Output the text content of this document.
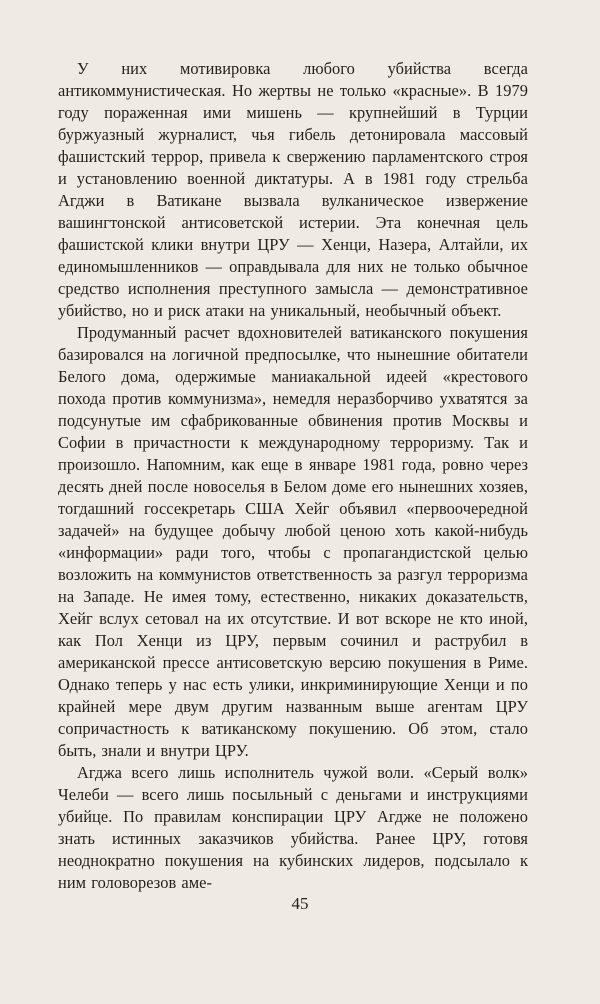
У них мотивировка любого убийства всегда антикоммунистическая. Но жертвы не только «красные». В 1979 году пораженная ими мишень — крупнейший в Турции буржуазный журналист, чья гибель детонировала массовый фашистский террор, привела к свержению парламентского строя и установлению военной диктатуры. А в 1981 году стрельба Агджи в Ватикане вызвала вулканическое извержение вашингтонской антисоветской истерии. Эта конечная цель фашистской клики внутри ЦРУ — Хенци, Назера, Алтайли, их единомышленников — оправдывала для них не только обычное средство исполнения преступного замысла — демонстративное убийство, но и риск атаки на уникальный, необычный объект.

Продуманный расчет вдохновителей ватиканского покушения базировался на логичной предпосылке, что нынешние обитатели Белого дома, одержимые маниакальной идеей «крестового похода против коммунизма», немедля неразборчиво ухватятся за подсунутые им сфабрикованные обвинения против Москвы и Софии в причастности к международному терроризму. Так и произошло. Напомним, как еще в январе 1981 года, ровно через десять дней после новоселья в Белом доме его нынешних хозяев, тогдашний госсекретарь США Хейг объявил «первоочередной задачей» на будущее добычу любой ценою хоть какой-нибудь «информации» ради того, чтобы с пропагандистской целью возложить на коммунистов ответственность за разгул терроризма на Западе. Не имея тому, естественно, никаких доказательств, Хейг вслух сетовал на их отсутствие. И вот вскоре не кто иной, как Пол Хенци из ЦРУ, первым сочинил и раструбил в американской прессе антисоветскую версию покушения в Риме. Однако теперь у нас есть улики, инкриминирующие Хенци и по крайней мере двум другим названным выше агентам ЦРУ сопричастность к ватиканскому покушению. Об этом, стало быть, знали и внутри ЦРУ.

Агджа всего лишь исполнитель чужой воли. «Серый волк» Челеби — всего лишь посыльный с деньгами и инструкциями убийце. По правилам конспирации ЦРУ Агдже не положено знать истинных заказчиков убийства. Ранее ЦРУ, готовя неоднократно покушения на кубинских лидеров, подсылало к ним головорезов аме-

45
